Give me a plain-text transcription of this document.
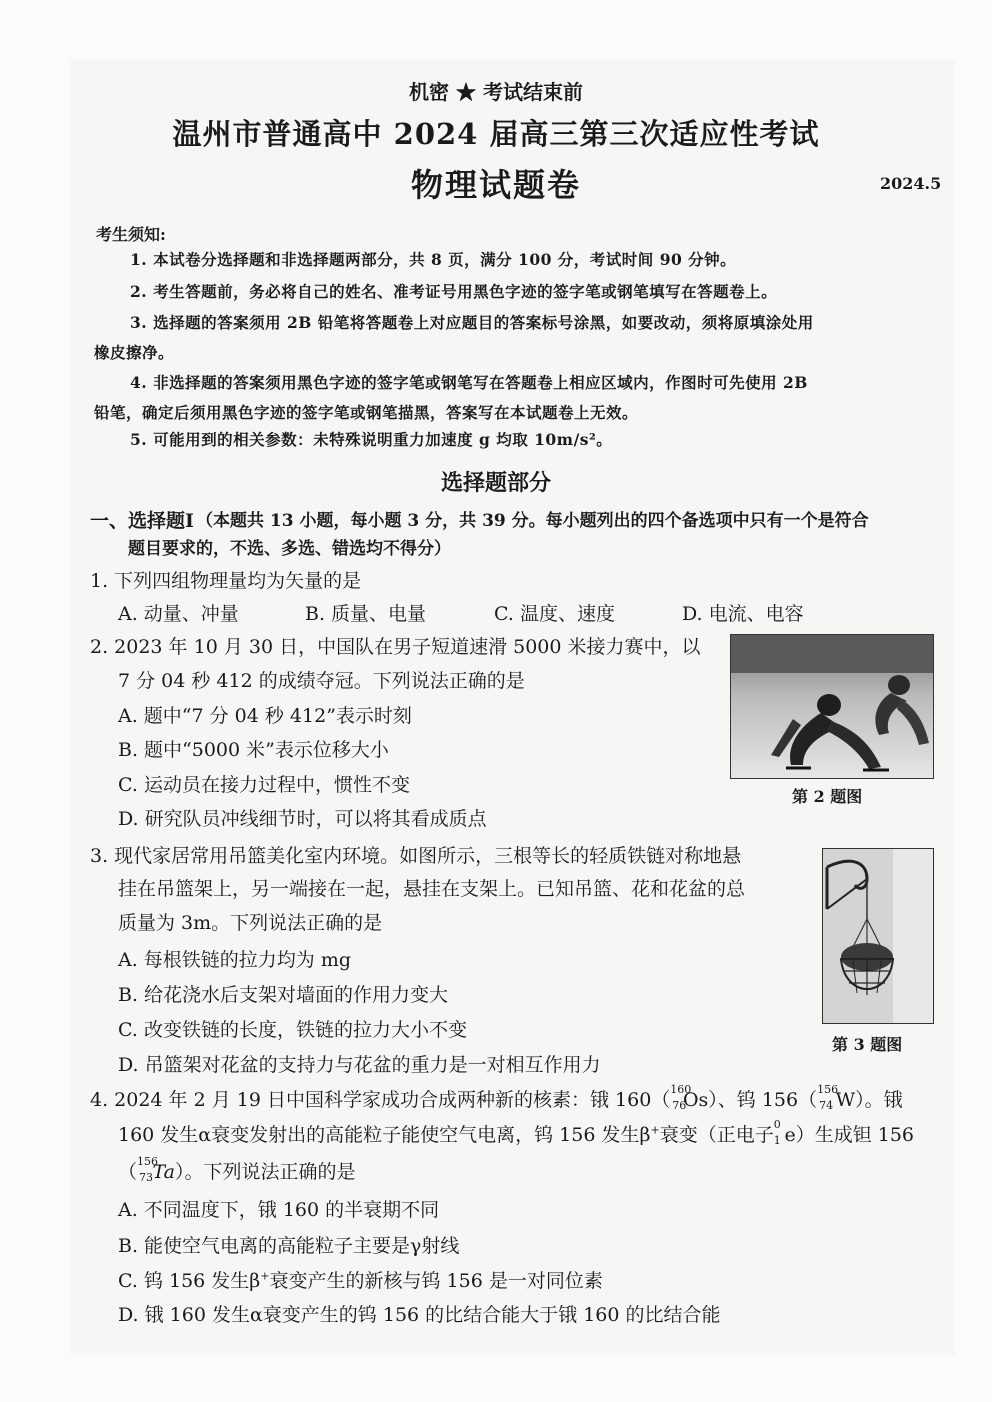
机密 ★ 考试结束前
温州市普通高中 2024 届高三第三次适应性考试
物理试题卷	2024.5
考生须知:
1. 本试卷分选择题和非选择题两部分，共 8 页，满分 100 分，考试时间 90 分钟。
2. 考生答题前，务必将自己的姓名、准考证号用黑色字迹的签字笔或钢笔填写在答题卷上。
3. 选择题的答案须用 2B 铅笔将答题卷上对应题目的答案标号涂黑，如要改动，须将原填涂处用
橡皮擦净。
4. 非选择题的答案须用黑色字迹的签字笔或钢笔写在答题卷上相应区域内，作图时可先使用 2B
铅笔，确定后须用黑色字迹的签字笔或钢笔描黑，答案写在本试题卷上无效。
5. 可能用到的相关参数：未特殊说明重力加速度 g 均取 10m/s²。
选择题部分
一、选择题Ⅰ （本题共 13 小题，每小题 3 分，共 39 分。每小题列出的四个备选项中只有一个是符合
题目要求的，不选、多选、错选均不得分）
1. 下列四组物理量均为矢量的是
A. 动量、冲量	B. 质量、电量	C. 温度、速度	D. 电流、电容
2. 2023 年 10 月 30 日，中国队在男子短道速滑 5000 米接力赛中，以
7 分 04 秒 412 的成绩夺冠。下列说法正确的是
A. 题中“7 分 04 秒 412”表示时刻
B. 题中“5000 米”表示位移大小
C. 运动员在接力过程中，惯性不变
D. 研究队员冲线细节时，可以将其看成质点
第 2 题图
3. 现代家居常用吊篮美化室内环境。如图所示，三根等长的轻质铁链对称地悬
挂在吊篮架上，另一端接在一起，悬挂在支架上。已知吊篮、花和花盆的总
质量为 3m。下列说法正确的是
A. 每根铁链的拉力均为 mg
B. 给花浇水后支架对墙面的作用力变大
C. 改变铁链的长度，铁链的拉力大小不变
D. 吊篮架对花盆的支持力与花盆的重力是一对相互作用力
第 3 题图
4. 2024 年 2 月 19 日中国科学家成功合成两种新的核素：锇 160（ 160
76
Os）、钨 156（ 156
74 W）。锇
160 发生α衰变发射出的高能粒子能使空气电离，钨 156 发生β+衰变（正电子 0
1 e）生成钽 156
（ 156
73 Ta）。下列说法正确的是
A. 不同温度下，锇 160 的半衰期不同
B. 能使空气电离的高能粒子主要是γ射线
C. 钨 156 发生β+衰变产生的新核与钨 156 是一对同位素
D. 锇 160 发生α衰变产生的钨 156 的比结合能大于锇 160 的比结合能
